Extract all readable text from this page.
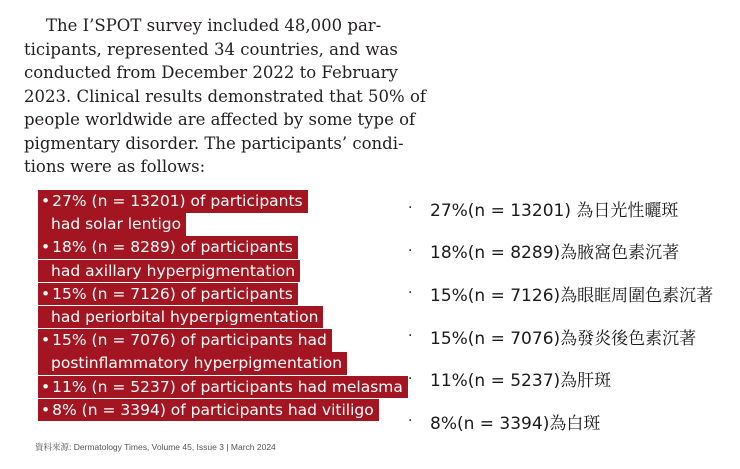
The I’SPOT survey included 48,000 par-
ticipants, represented 34 countries, and was
conducted from December 2022 to February
2023. Clinical results demonstrated that 50% of
people worldwide are affected by some type of
pigmentary disorder. The participants’ condi-
tions were as follows:
• 27% (n = 13201) of participants
had solar lentigo
• 18% (n = 8289) of participants
had axillary hyperpigmentation
• 15% (n = 7126) of participants
had periorbital hyperpigmentation
• 15% (n = 7076) of participants had
postinflammatory hyperpigmentation
• 11% (n = 5237) of participants had melasma
• 8% (n = 3394) of participants had vitiligo
·	27%(n = 13201) 為日光性曬斑
·	18%(n = 8289)為腋窩色素沉著
·	15%(n = 7126)為眼眶周圍色素沉著
·	15%(n = 7076)為發炎後色素沉著
·	11%(n = 5237)為肝斑
·	8%(n = 3394)為白斑
資料來源: Dermatology Times, Volume 45, Issue 3 | March 2024
